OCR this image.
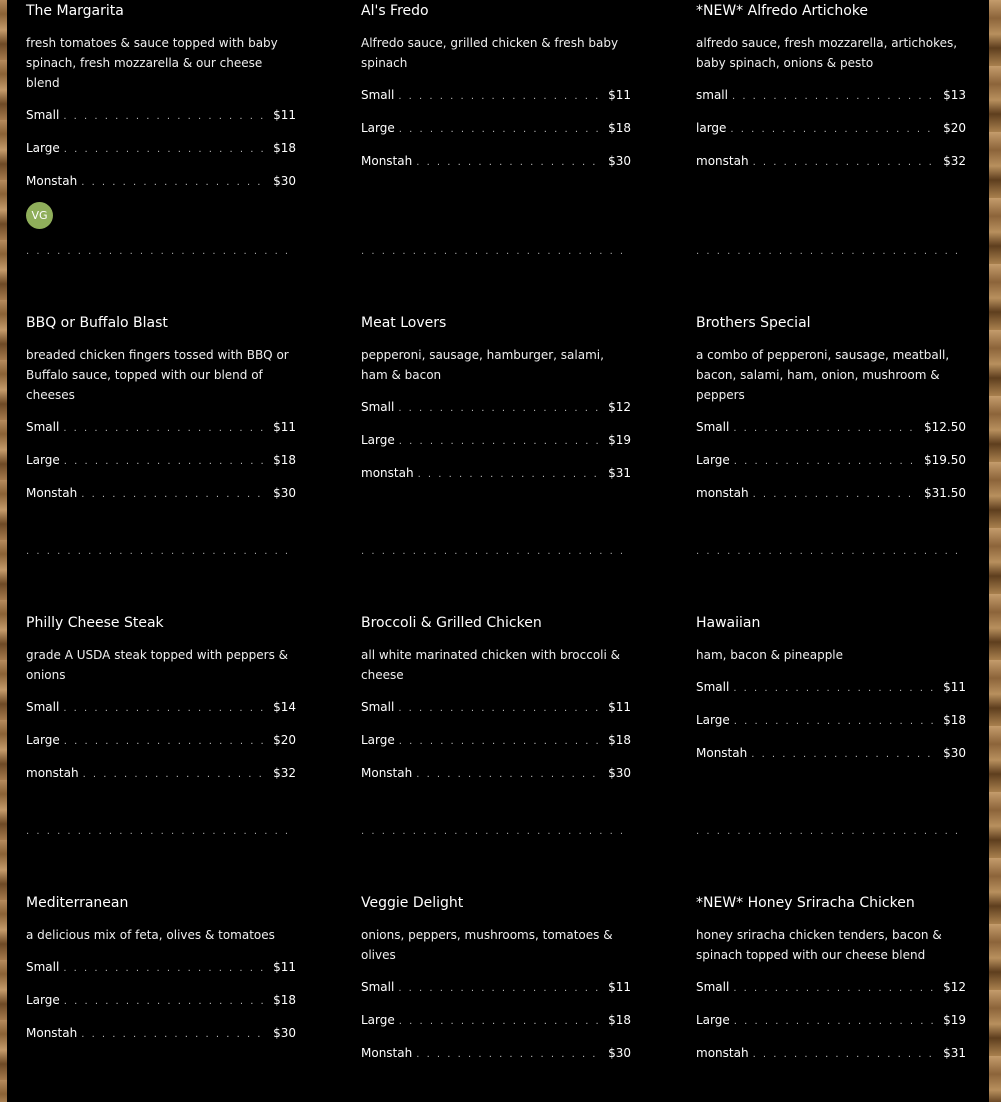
The Margarita
fresh tomatoes & sauce topped with baby spinach, fresh mozzarella & our cheese blend
Small . . .	$11
Large . . .	$18
Monstah . . .	$30
VG
Al's Fredo
Alfredo sauce, grilled chicken & fresh baby spinach
Small . . .	$11
Large . . .	$18
Monstah . . .	$30
*NEW* Alfredo Artichoke
alfredo sauce, fresh mozzarella, artichokes, baby spinach, onions & pesto
small . . .	$13
large . . .	$20
monstah . . .	$32
. . .
. . .
. . .
BBQ or Buffalo Blast
breaded chicken fingers tossed with BBQ or Buffalo sauce, topped with our blend of cheeses
Small . . .	$11
Large . . .	$18
Monstah . . .	$30
Meat Lovers
pepperoni, sausage, hamburger, salami, ham & bacon
Small . . .	$12
Large . . .	$19
monstah . . .	$31
Brothers Special
a combo of pepperoni, sausage, meatball, bacon, salami, ham, onion, mushroom & peppers
Small . . .	$12.50
Large . . .	$19.50
monstah . . .	$31.50
. . .
. . .
. . .
Philly Cheese Steak
grade A USDA steak topped with peppers & onions
Small . . .	$14
Large . . .	$20
monstah . . .	$32
Broccoli & Grilled Chicken
all white marinated chicken with broccoli & cheese
Small . . .	$11
Large . . .	$18
Monstah . . .	$30
Hawaiian
ham, bacon & pineapple
Small . . .	$11
Large . . .	$18
Monstah . . .	$30
. . .
. . .
. . .
Mediterranean
a delicious mix of feta, olives & tomatoes
Small . . .	$11
Large . . .	$18
Monstah . . .	$30
Veggie Delight
onions, peppers, mushrooms, tomatoes & olives
Small . . .	$11
Large . . .	$18
Monstah . . .	$30
*NEW* Honey Sriracha Chicken
honey sriracha chicken tenders, bacon & spinach topped with our cheese blend
Small . . .	$12
Large . . .	$19
monstah . . .	$31
